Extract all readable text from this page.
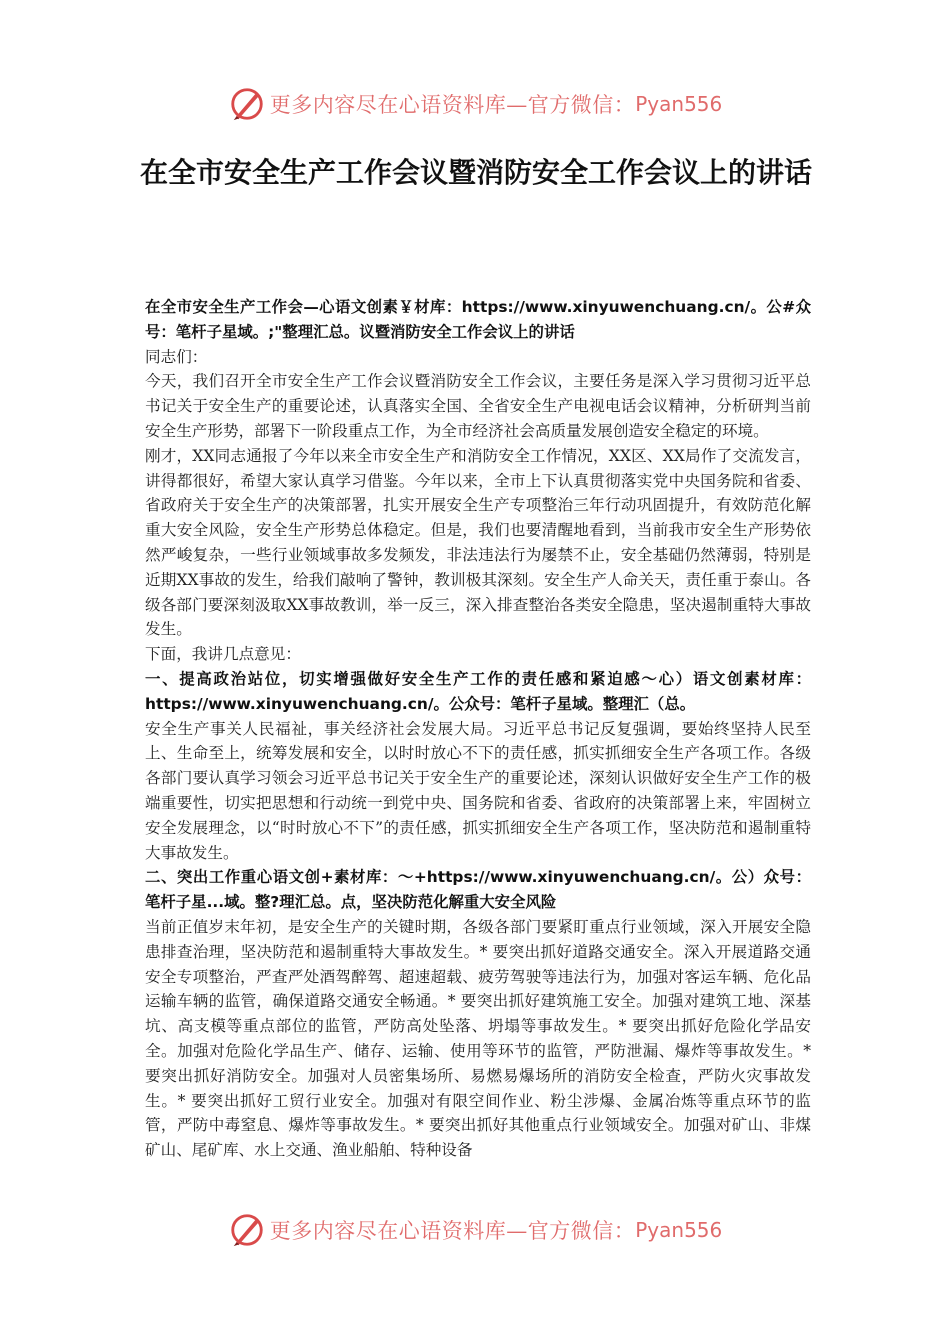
更多内容尽在心语资料库—官方微信： Pyan556
在全市安全生产工作会议暨消防安全工作会议上的讲话

在全市安全生产工作会—心语文创素￥材库：https://www.xinyuwenchuang.cn/。公#众号：笔杆子星域。;"整理汇总。议暨消防安全工作会议上的讲话

同志们：

今天，我们召开全市安全生产工作会议暨消防安全工作会议，主要任务是深入学习贯彻习近平总书记关于安全生产的重要论述，认真落实全国、全省安全生产电视电话会议精神，分析研判当前安全生产形势，部署下一阶段重点工作，为全市经济社会高质量发展创造安全稳定的环境。

刚才，XX同志通报了今年以来全市安全生产和消防安全工作情况，XX区、XX局作了交流发言，讲得都很好，希望大家认真学习借鉴。今年以来，全市上下认真贯彻落实党中央国务院和省委、省政府关于安全生产的决策部署，扎实开展安全生产专项整治三年行动巩固提升，有效防范化解重大安全风险，安全生产形势总体稳定。但是，我们也要清醒地看到，当前我市安全生产形势依然严峻复杂，一些行业领域事故多发频发，非法违法行为屡禁不止，安全基础仍然薄弱，特别是近期XX事故的发生，给我们敲响了警钟，教训极其深刻。安全生产人命关天，责任重于泰山。各级各部门要深刻汲取XX事故教训，举一反三，深入排查整治各类安全隐患，坚决遏制重特大事故发生。

下面，我讲几点意见：

一、提高政治站位，切实增强做好安全生产工作的责任感和紧迫感～心）语文创素材库：https://www.xinyuwenchuang.cn/。公众号：笔杆子星域。整理汇（总。

安全生产事关人民福祉，事关经济社会发展大局。习近平总书记反复强调，要始终坚持人民至上、生命至上，统筹发展和安全，以时时放心不下的责任感，抓实抓细安全生产各项工作。各级各部门要认真学习领会习近平总书记关于安全生产的重要论述，深刻认识做好安全生产工作的极端重要性，切实把思想和行动统一到党中央、国务院和省委、省政府的决策部署上来，牢固树立安全发展理念，以“时时放心不下”的责任感，抓实抓细安全生产各项工作，坚决防范和遏制重特大事故发生。

二、突出工作重心语文创+素材库：～+https://www.xinyuwenchuang.cn/。公）众号：笔杆子星...域。整?理汇总。点，坚决防范化解重大安全风险

当前正值岁末年初，是安全生产的关键时期，各级各部门要紧盯重点行业领域，深入开展安全隐患排查治理，坚决防范和遏制重特大事故发生。* 要突出抓好道路交通安全。深入开展道路交通安全专项整治，严查严处酒驾醉驾、超速超载、疲劳驾驶等违法行为，加强对客运车辆、危化品运输车辆的监管，确保道路交通安全畅通。* 要突出抓好建筑施工安全。加强对建筑工地、深基坑、高支模等重点部位的监管，严防高处坠落、坍塌等事故发生。* 要突出抓好危险化学品安全。加强对危险化学品生产、储存、运输、使用等环节的监管，严防泄漏、爆炸等事故发生。* 要突出抓好消防安全。加强对人员密集场所、易燃易爆场所的消防安全检查，严防火灾事故发生。* 要突出抓好工贸行业安全。加强对有限空间作业、粉尘涉爆、金属冶炼等重点环节的监管，严防中毒窒息、爆炸等事故发生。* 要突出抓好其他重点行业领域安全。加强对矿山、非煤矿山、尾矿库、水上交通、渔业船舶、特种设备

更多内容尽在心语资料库—官方微信： Pyan556
